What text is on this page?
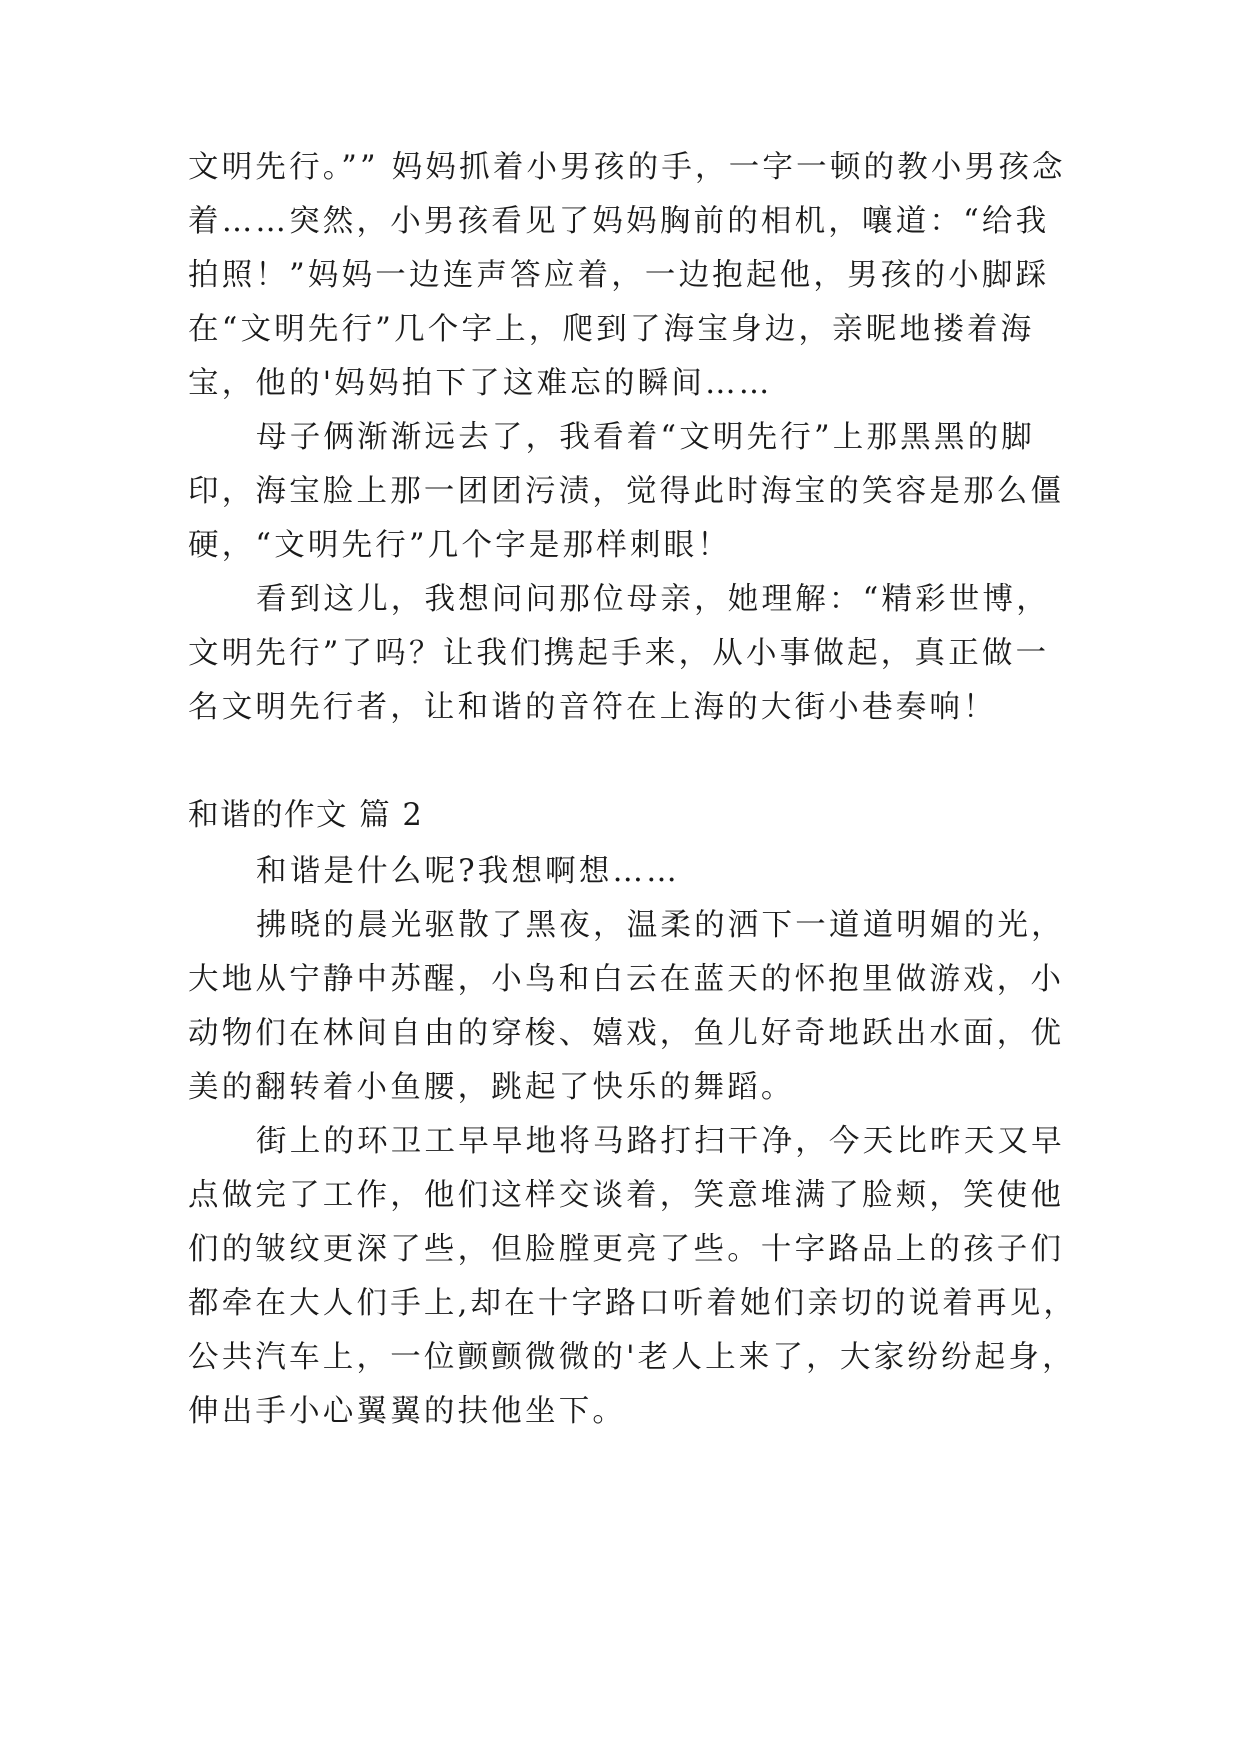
文明先行。”” 妈妈抓着小男孩的手，一字一顿的教小男孩念
着……突然，小男孩看见了妈妈胸前的相机，嚷道：“给我
拍照！”妈妈一边连声答应着，一边抱起他，男孩的小脚踩
在“文明先行”几个字上，爬到了海宝身边，亲昵地搂着海
宝，他的'妈妈拍下了这难忘的瞬间……
母子俩渐渐远去了，我看着“文明先行”上那黑黑的脚
印，海宝脸上那一团团污渍，觉得此时海宝的笑容是那么僵
硬，“文明先行”几个字是那样刺眼！
看到这儿，我想问问那位母亲，她理解：“精彩世博，
文明先行”了吗？让我们携起手来，从小事做起，真正做一
名文明先行者，让和谐的音符在上海的大街小巷奏响！
和谐的作文 篇 2
和谐是什么呢?我想啊想……
拂晓的晨光驱散了黑夜，温柔的洒下一道道明媚的光，
大地从宁静中苏醒，小鸟和白云在蓝天的怀抱里做游戏，小
动物们在林间自由的穿梭、嬉戏，鱼儿好奇地跃出水面，优
美的翻转着小鱼腰，跳起了快乐的舞蹈。
街上的环卫工早早地将马路打扫干净，今天比昨天又早
点做完了工作，他们这样交谈着，笑意堆满了脸颊，笑使他
们的皱纹更深了些，但脸膛更亮了些。十字路品上的孩子们
都牵在大人们手上,却在十字路口听着她们亲切的说着再见，
公共汽车上，一位颤颤微微的'老人上来了，大家纷纷起身，
伸出手小心翼翼的扶他坐下。
